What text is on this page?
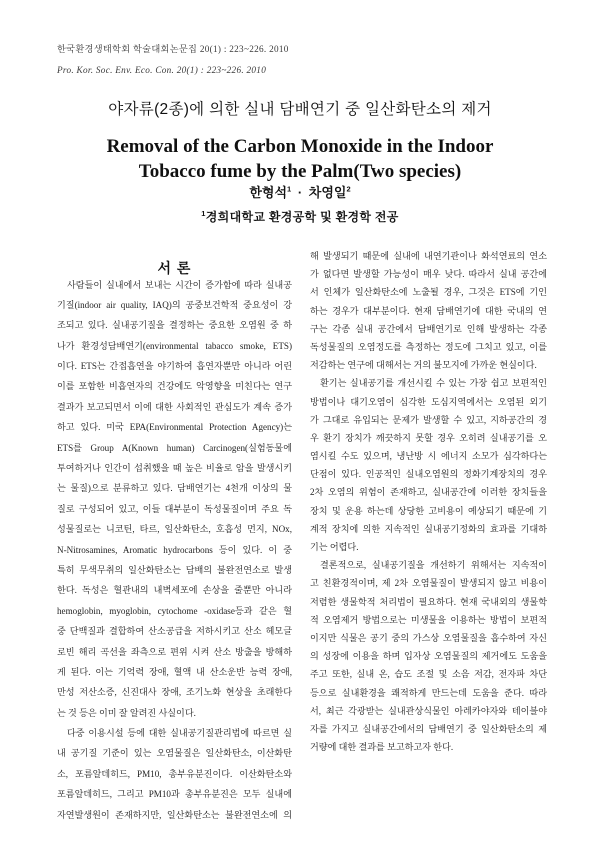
한국환경생태학회 학술대회논문집 20(1) : 223~226. 2010
Pro. Kor. Soc. Env. Eco. Con. 20(1) : 223~226. 2010
야자류(2종)에 의한 실내 담배연기 중 일산화탄소의 제거
Removal of the Carbon Monoxide in the Indoor
Tobacco fume by the Palm(Two species)
한형석$^1$ · 차영일$^2$
$^1$경희대학교 환경공학 및 환경학 전공
서 론
사람들이 실내에서 보내는 시간이 증가함에 따라 실내공
기질(indoor air quality, IAQ)의 공중보건학적 중요성이 강
조되고 있다. 실내공기질을 결정하는 중요한 오염원 중 하
나가 환경성담배연기(environmental tabacco smoke, ETS)
이다. ETS는 간접흡연을 야기하여 흡연자뿐만 아니라 어린
이를 포함한 비흡연자의 건강에도 악영향을 미친다는 연구
결과가 보고되면서 이에 대한 사회적인 관심도가 계속 증가
하고 있다. 미국 EPA(Environmental Protection Agency)는
ETS를 Group A(Known human) Carcinogen(실험동물에
투여하거나 인간이 섭취했을 때 높은 비율로 암을 발생시키
는 물질)으로 분류하고 있다. 담배연기는 4천개 이상의 물
질로 구성되어 있고, 이들 대부분이 독성물질이며 주요 독
성물질로는 니코틴, 타르, 일산화탄소, 호흡성 먼지, NOx,
N-Nitrosamines, Aromatic hydrocarbons 등이 있다. 이 중
특히 무색무취의 일산화탄소는 담배의 불완전연소로 발생
한다. 독성은 혈관내의 내벽세포에 손상을 줄뿐만 아니라
hemoglobin, myoglobin, cytochome -oxidase등과 같은 혈
중 단백질과 결합하여 산소공급을 저하시키고 산소 헤모글
로빈 해리 곡선을 좌측으로 편위 시켜 산소 방출을 방해하
게 된다. 이는 기억력 장애, 혈액 내 산소운반 능력 장애,
만성 저산소증, 신진대사 장애, 조기노화 현상을 초래한다
는 것 등은 이미 잘 알려진 사실이다.
다중 이용시설 등에 대한 실내공기질관리법에 따르면 실
내 공기질 기준이 있는 오염물질은 일산화탄소, 이산화탄
소, 포름알데히드, PM10, 총부유분진이다. 이산화탄소와
포름알데히드, 그리고 PM10과 총부유분진은 모두 실내에
자연발생원이 존재하지만, 일산화탄소는 불완전연소에 의
해 발생되기 때문에 실내에 내연기관이나 화석연료의 연소
가 없다면 발생할 가능성이 매우 낮다. 따라서 실내 공간에
서 인체가 일산화탄소에 노출될 경우, 그것은 ETS에 기인
하는 경우가 대부분이다. 현재 담배연기에 대한 국내의 연
구는 각종 실내 공간에서 담배연기로 인해 발생하는 각종
독성물질의 오염정도를 측정하는 정도에 그치고 있고, 이를
저감하는 연구에 대해서는 거의 불모지에 가까운 현실이다.
환기는 실내공기를 개선시킬 수 있는 가장 쉽고 보편적인
방법이나 대기오염이 심각한 도심지역에서는 오염된 외기
가 그대로 유입되는 문제가 발생할 수 있고, 지하공간의 경
우 환기 장치가 깨끗하지 못할 경우 오히려 실내공기를 오
염시킬 수도 있으며, 냉난방 시 에너지 소모가 심각하다는
단점이 있다. 인공적인 실내오염원의 정화기계장치의 경우
2차 오염의 위험이 존재하고, 실내공간에 이러한 장치들을
장치 및 운용 하는데 상당한 고비용이 예상되기 때문에 기
계적 장치에 의한 지속적인 실내공기정화의 효과를 기대하
기는 어렵다.
결론적으로, 실내공기질을 개선하기 위해서는 지속적이
고 친환경적이며, 제 2차 오염물질이 발생되지 않고 비용이
저렴한 생물학적 처리법이 필요하다. 현재 국내외의 생물학
적 오염제거 방법으로는 미생물을 이용하는 방법이 보편적
이지만 식물은 공기 중의 가스상 오염물질을 흡수하여 자신
의 성장에 이용을 하며 입자상 오염물질의 제거에도 도움을
주고 또한, 실내 온, 습도 조절 및 소음 저감, 전자파 차단
등으로 실내환경을 쾌적하게 만드는데 도움을 준다. 따라
서, 최근 각광받는 실내관상식물인 아레카야자와 테이블야
자를 가지고 실내공간에서의 담배연기 중 일산화탄소의 제
거량에 대한 결과를 보고하고자 한다.
